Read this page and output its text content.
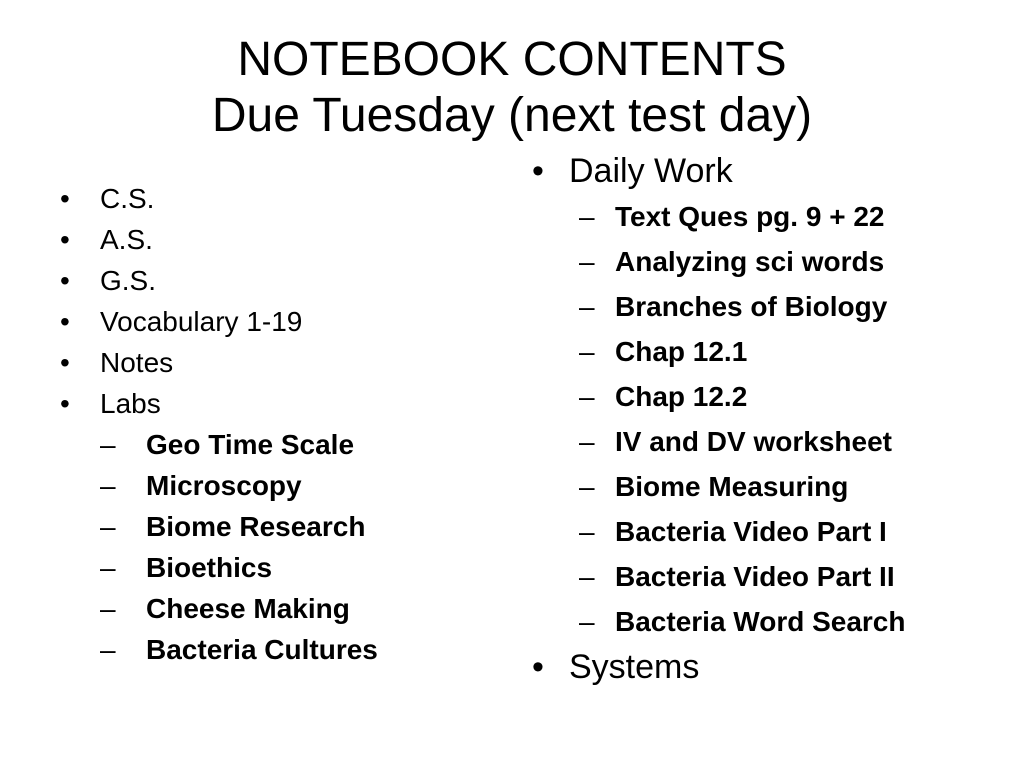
NOTEBOOK CONTENTS
Due Tuesday (next test day)
• C.S.
• A.S.
• G.S.
• Vocabulary 1-19
• Notes
• Labs
– Geo Time Scale
– Microscopy
– Biome Research
– Bioethics
– Cheese Making
– Bacteria Cultures
• Daily Work
– Text Ques pg. 9 + 22
– Analyzing sci words
– Branches of Biology
– Chap 12.1
– Chap 12.2
– IV and DV worksheet
– Biome Measuring
– Bacteria Video Part I
– Bacteria Video Part II
– Bacteria Word Search
• Systems
